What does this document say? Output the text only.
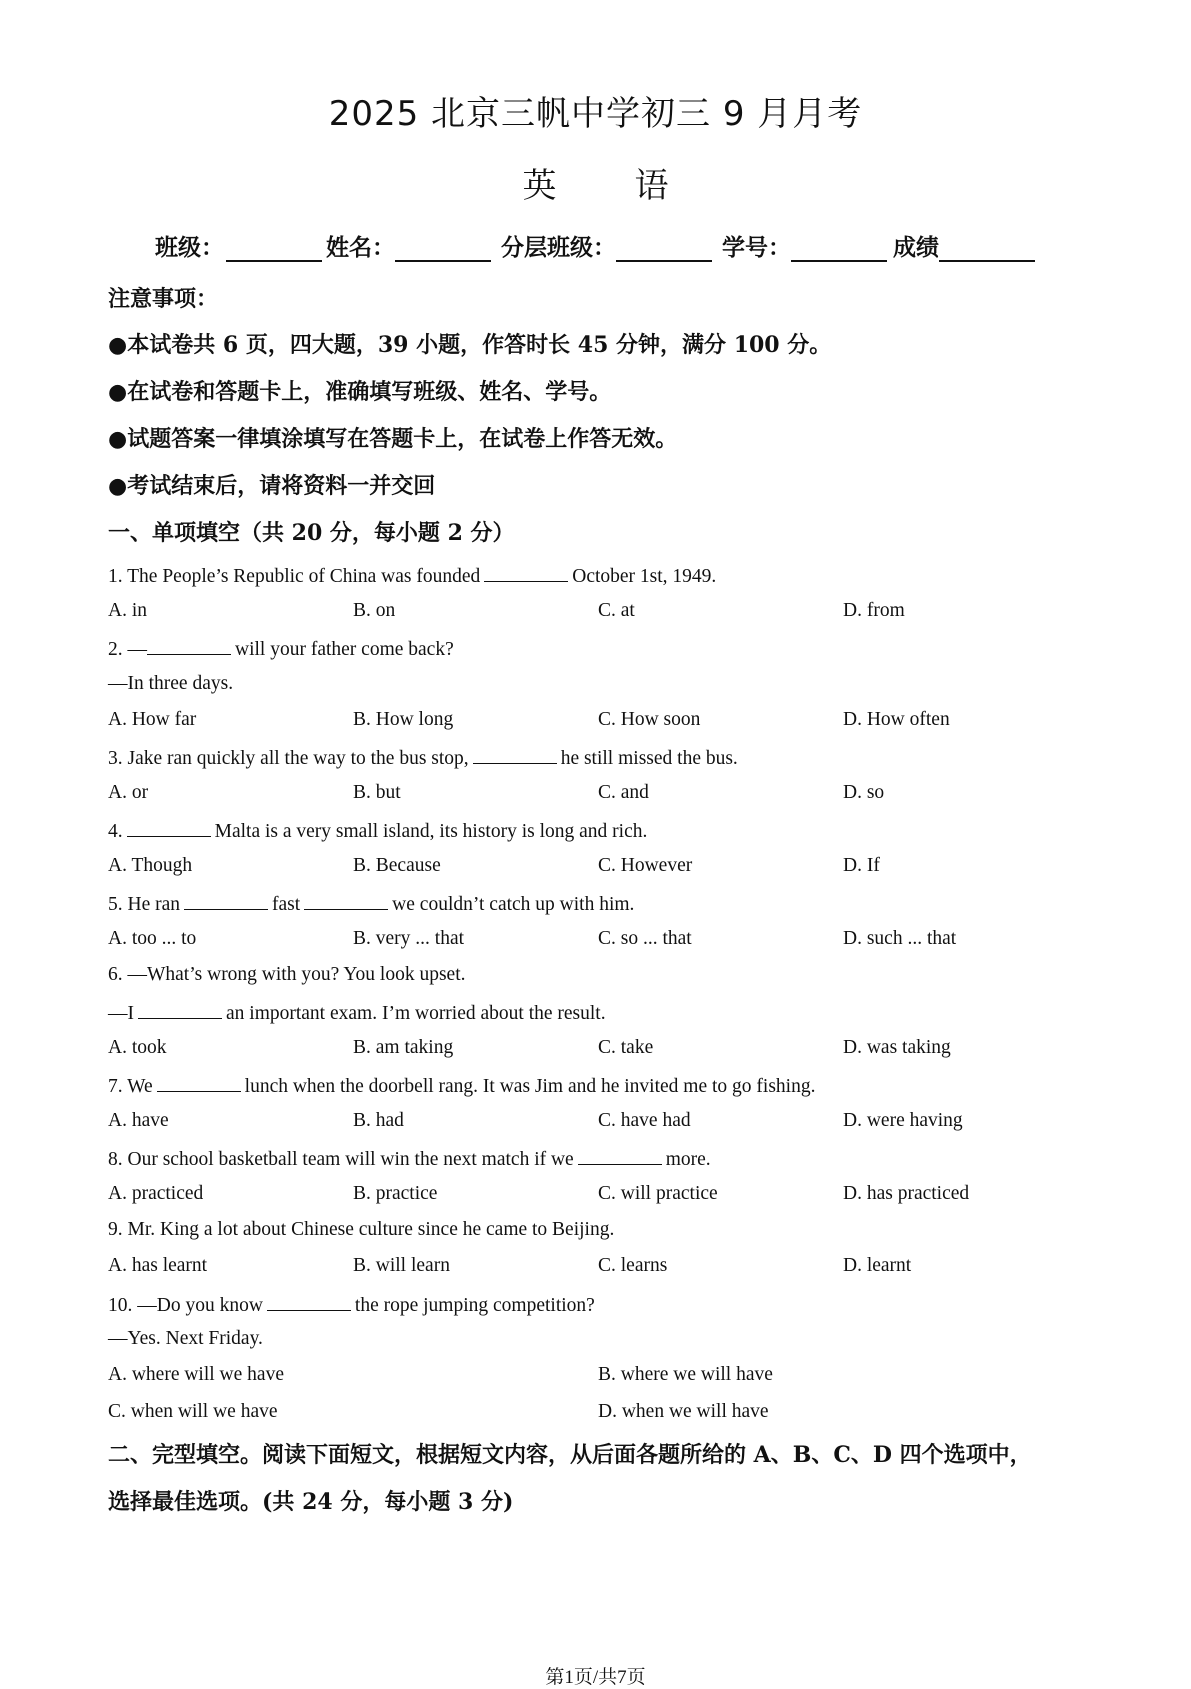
2025 北京三帆中学初三 9 月月考
英 语
班级：	姓名：	分层班级：	学号：	成绩
注意事项：
●本试卷共 6 页，四大题，39 小题，作答时长 45 分钟，满分 100 分。
●在试卷和答题卡上，准确填写班级、姓名、学号。
●试题答案一律填涂填写在答题卡上，在试卷上作答无效。
●考试结束后，请将资料一并交回
一、单项填空（共 20 分，每小题 2 分）
1. The People’s Republic of China was founded	October 1st, 1949.
A. in	B. on	C. at	D. from
2. —	will your father come back?
—In three days.
A. How far	B. How long	C. How soon	D. How often
3. Jake ran quickly all the way to the bus stop,	he still missed the bus.
A. or	B. but	C. and	D. so
4.	Malta is a very small island, its history is long and rich.
A. Though	B. Because	C. However	D. If
5. He ran	fast	we couldn’t catch up with him.
A. too ... to	B. very ... that	C. so ... that	D. such ... that
6. —What’s wrong with you? You look upset.
—I	an important exam. I’m worried about the result.
A. took	B. am taking	C. take	D. was taking
7. We	lunch when the doorbell rang. It was Jim and he invited me to go fishing.
A. have	B. had	C. have had	D. were having
8. Our school basketball team will win the next match if we	more.
A. practiced	B. practice	C. will practice	D. has practiced
9. Mr. King a lot about Chinese culture since he came to Beijing.
A. has learnt	B. will learn	C. learns	D. learnt
10. —Do you know	the rope jumping competition?
—Yes. Next Friday.
A. where will we have	B. where we will have
C. when will we have	D. when we will have
二、完型填空。阅读下面短文，根据短文内容，从后面各题所给的 A、B、C、D 四个选项中，
选择最佳选项。(共 24 分，每小题 3 分)
第1页/共7页
